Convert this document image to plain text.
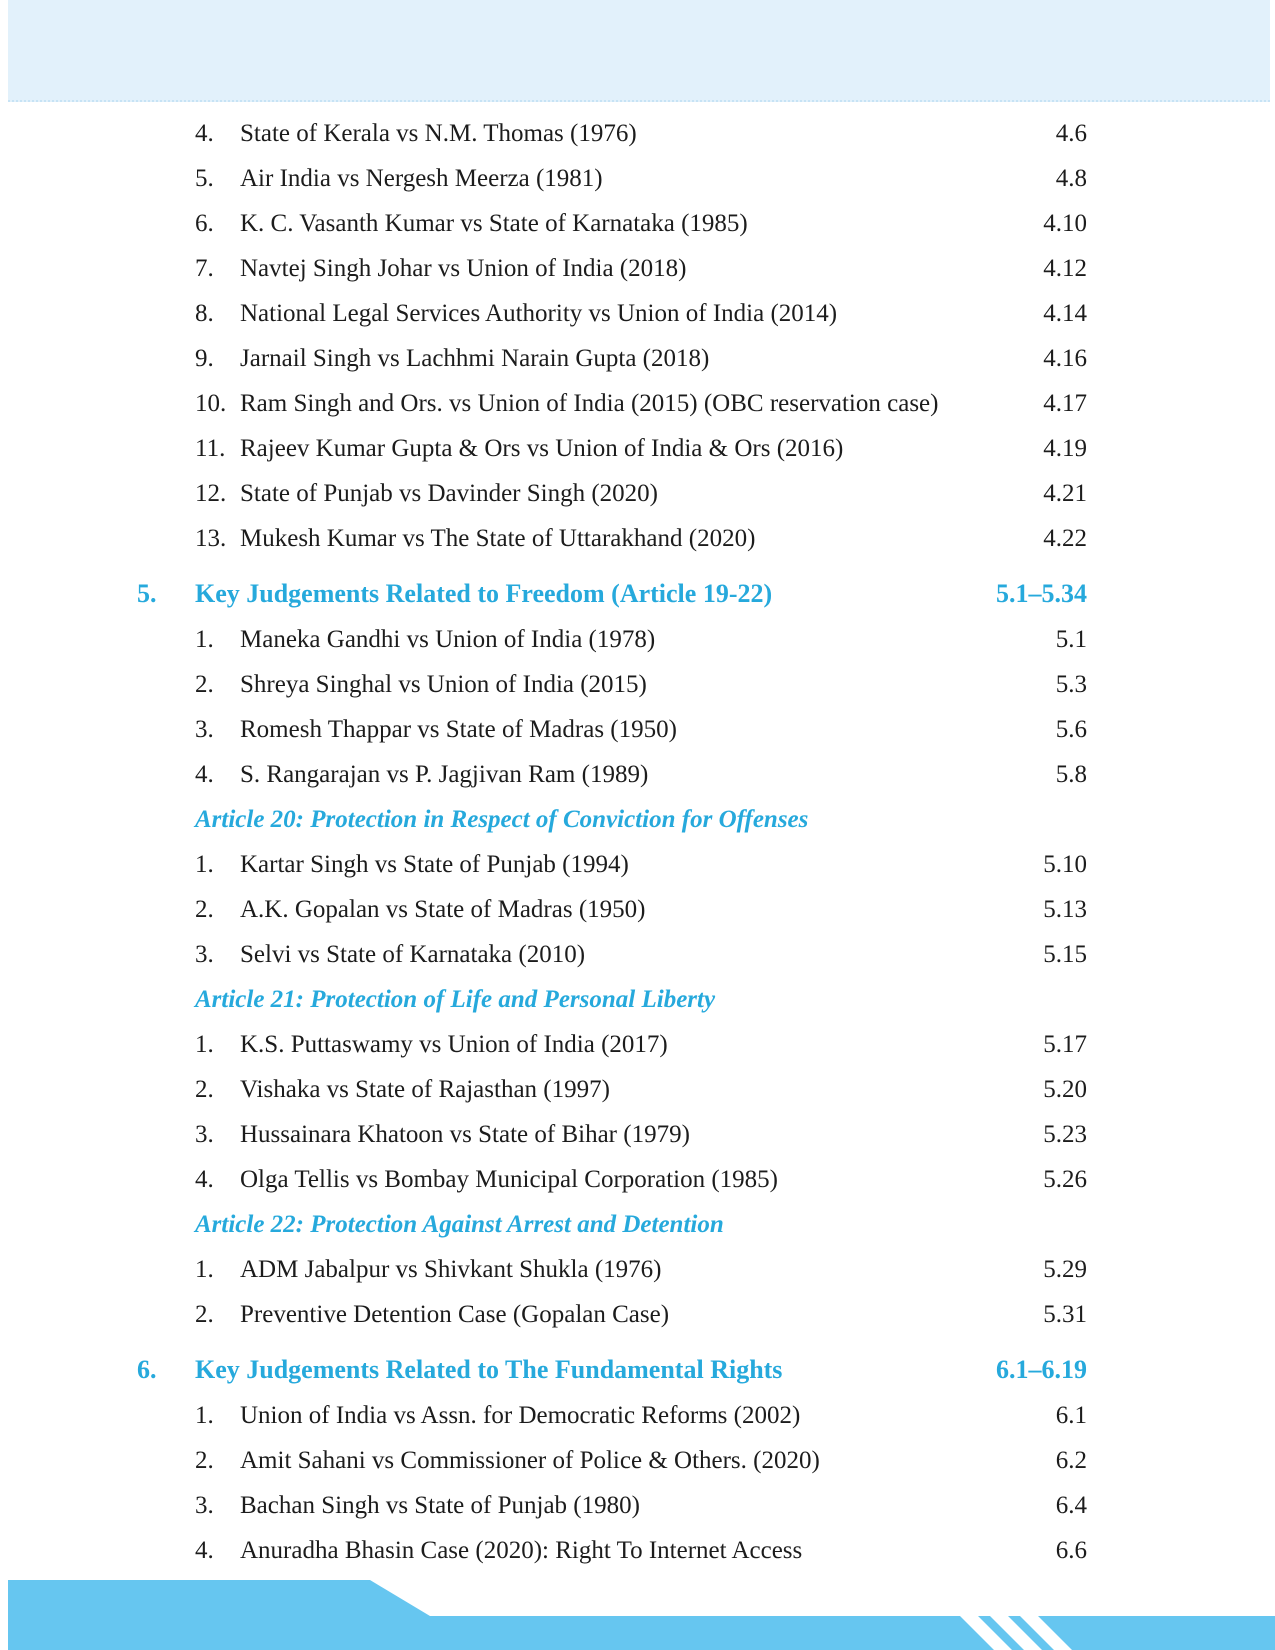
4. State of Kerala vs N.M. Thomas (1976)	4.6
5. Air India vs Nergesh Meerza (1981)	4.8
6. K. C. Vasanth Kumar vs State of Karnataka (1985)	4.10
7. Navtej Singh Johar vs Union of India (2018)	4.12
8. National Legal Services Authority vs Union of India (2014)	4.14
9. Jarnail Singh vs Lachhmi Narain Gupta (2018)	4.16
10. Ram Singh and Ors. vs Union of India (2015) (OBC reservation case)	4.17
11. Rajeev Kumar Gupta & Ors vs Union of India & Ors (2016)	4.19
12. State of Punjab vs Davinder Singh (2020)	4.21
13. Mukesh Kumar vs The State of Uttarakhand (2020)	4.22
5. Key Judgements Related to Freedom (Article 19-22)	5.1–5.34
1. Maneka Gandhi vs Union of India (1978)	5.1
2. Shreya Singhal vs Union of India (2015)	5.3
3. Romesh Thappar vs State of Madras (1950)	5.6
4. S. Rangarajan vs P. Jagjivan Ram (1989)	5.8
Article 20: Protection in Respect of Conviction for Offenses
1. Kartar Singh vs State of Punjab (1994)	5.10
2. A.K. Gopalan vs State of Madras (1950)	5.13
3. Selvi vs State of Karnataka (2010)	5.15
Article 21: Protection of Life and Personal Liberty
1. K.S. Puttaswamy vs Union of India (2017)	5.17
2. Vishaka vs State of Rajasthan (1997)	5.20
3. Hussainara Khatoon vs State of Bihar (1979)	5.23
4. Olga Tellis vs Bombay Municipal Corporation (1985)	5.26
Article 22: Protection Against Arrest and Detention
1. ADM Jabalpur vs Shivkant Shukla (1976)	5.29
2. Preventive Detention Case (Gopalan Case)	5.31
6. Key Judgements Related to The Fundamental Rights	6.1–6.19
1. Union of India vs Assn. for Democratic Reforms (2002)	6.1
2. Amit Sahani vs Commissioner of Police & Others. (2020)	6.2
3. Bachan Singh vs State of Punjab (1980)	6.4
4. Anuradha Bhasin Case (2020): Right To Internet Access	6.6
